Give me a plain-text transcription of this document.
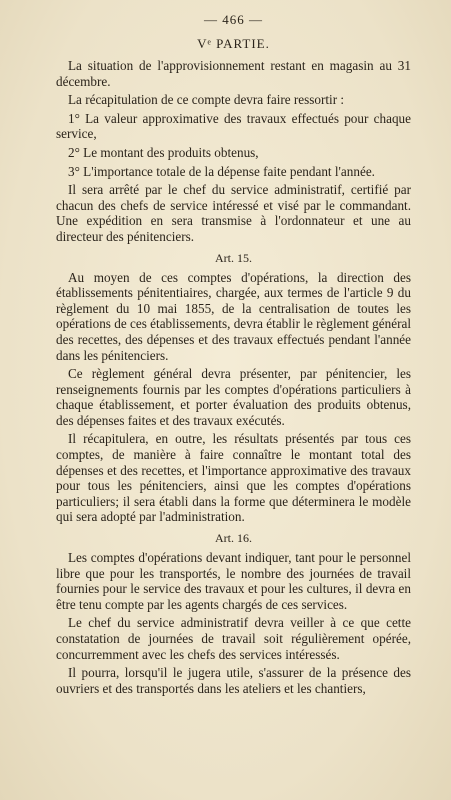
— 466 —
Vᵉ PARTIE.

La situation de l'approvisionnement restant en magasin au 31 décembre.

La récapitulation de ce compte devra faire ressortir :

1° La valeur approximative des travaux effectués pour chaque service,

2° Le montant des produits obtenus,

3° L'importance totale de la dépense faite pendant l'année.

Il sera arrêté par le chef du service administratif, certifié par chacun des chefs de service intéressé et visé par le commandant. Une expédition en sera transmise à l'ordonnateur et une au directeur des pénitenciers.

Art. 15.

Au moyen de ces comptes d'opérations, la direction des établissements pénitentiaires, chargée, aux termes de l'article 9 du règlement du 10 mai 1855, de la centralisation de toutes les opérations de ces établissements, devra établir le règlement général des recettes, des dépenses et des travaux effectués pendant l'année dans les pénitenciers.

Ce règlement général devra présenter, par pénitencier, les renseignements fournis par les comptes d'opérations particuliers à chaque établissement, et porter évaluation des produits obtenus, des dépenses faites et des travaux exécutés.

Il récapitulera, en outre, les résultats présentés par tous ces comptes, de manière à faire connaître le montant total des dépenses et des recettes, et l'importance approximative des travaux pour tous les pénitenciers, ainsi que les comptes d'opérations particuliers; il sera établi dans la forme que déterminera le modèle qui sera adopté par l'administration.

Art. 16.

Les comptes d'opérations devant indiquer, tant pour le personnel libre que pour les transportés, le nombre des journées de travail fournies pour le service des travaux et pour les cultures, il devra en être tenu compte par les agents chargés de ces services.

Le chef du service administratif devra veiller à ce que cette constatation de journées de travail soit régulièrement opérée, concurremment avec les chefs des services intéressés.

Il pourra, lorsqu'il le jugera utile, s'assurer de la présence des ouvriers et des transportés dans les ateliers et les chantiers,
